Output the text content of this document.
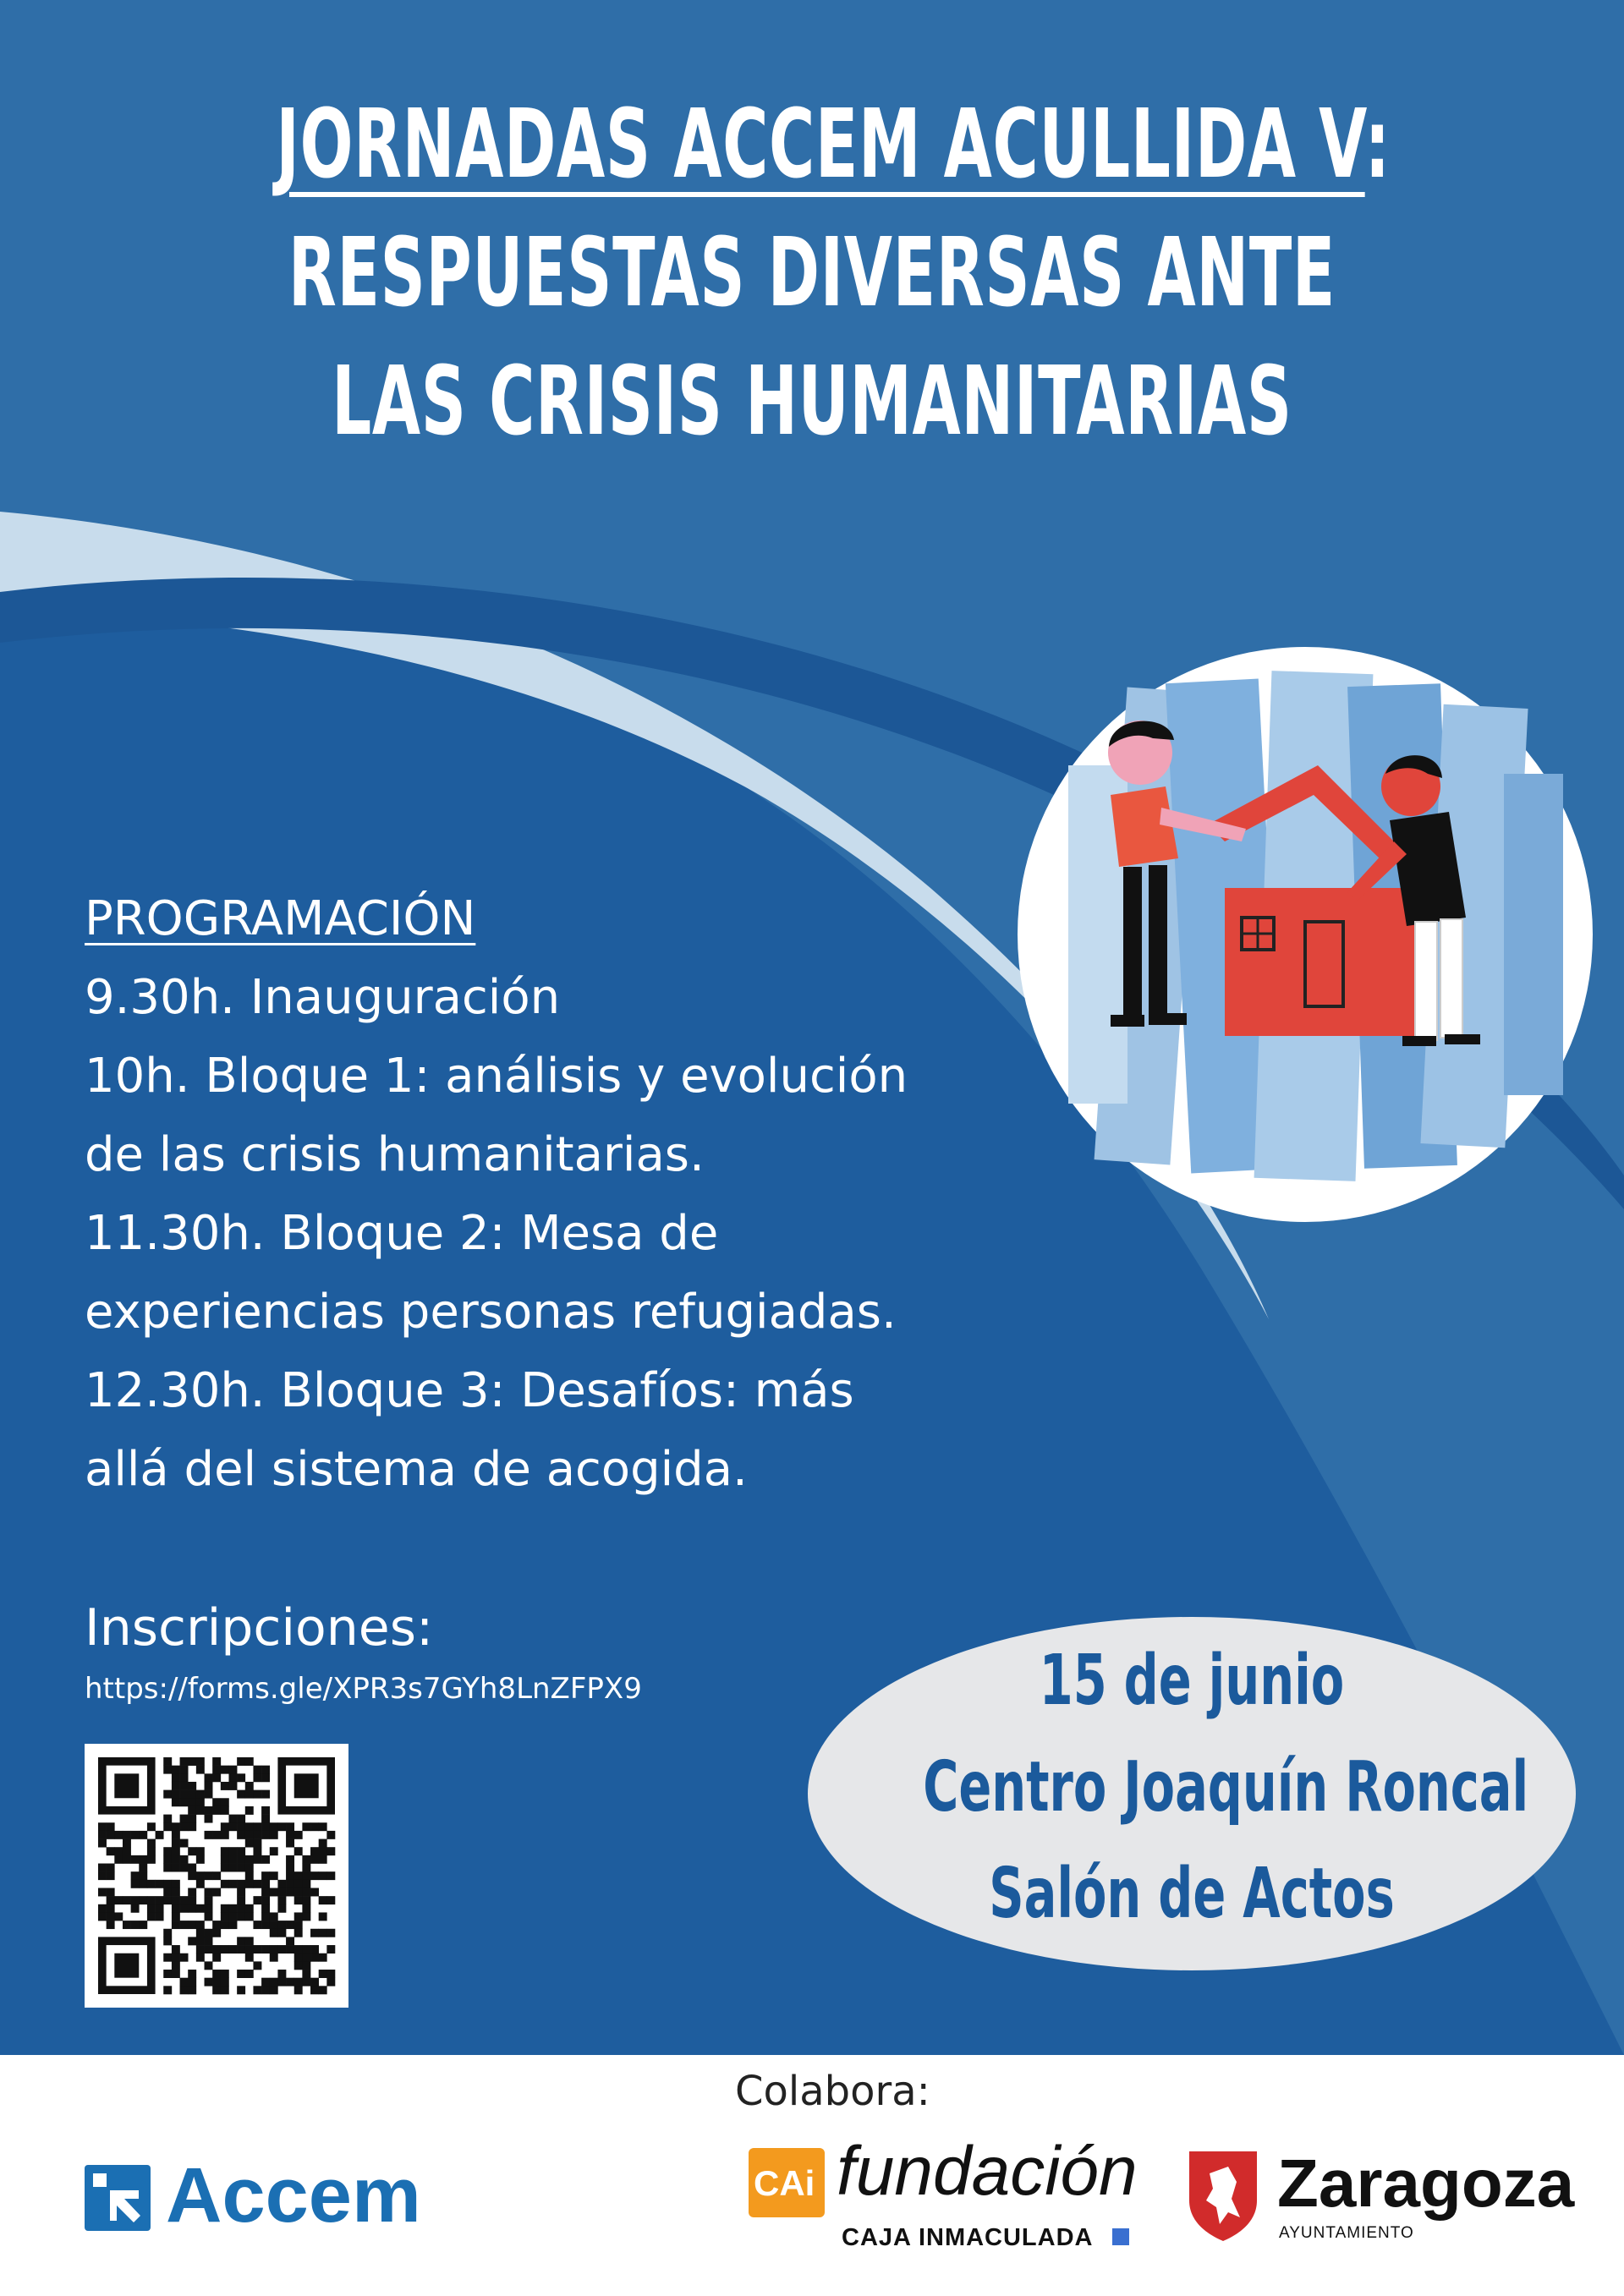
JORNADAS ACCEM ACULLIDA V:
RESPUESTAS DIVERSAS ANTE
LAS CRISIS HUMANITARIAS
PROGRAMACIÓN
9.30h. Inauguración
10h. Bloque 1: análisis y evolución
de las crisis humanitarias.
11.30h. Bloque 2: Mesa de
experiencias personas refugiadas.
12.30h. Bloque 3: Desafíos: más
allá del sistema de acogida.
Inscripciones:
https://forms.gle/XPR3s7GYh8LnZFPX9	15 de junio
Centro Joaquín Roncal
Salón de Actos
Colabora:
Accem	CAi fundación
CAJA INMACULADA
Zaragoza
AYUNTAMIENTO
